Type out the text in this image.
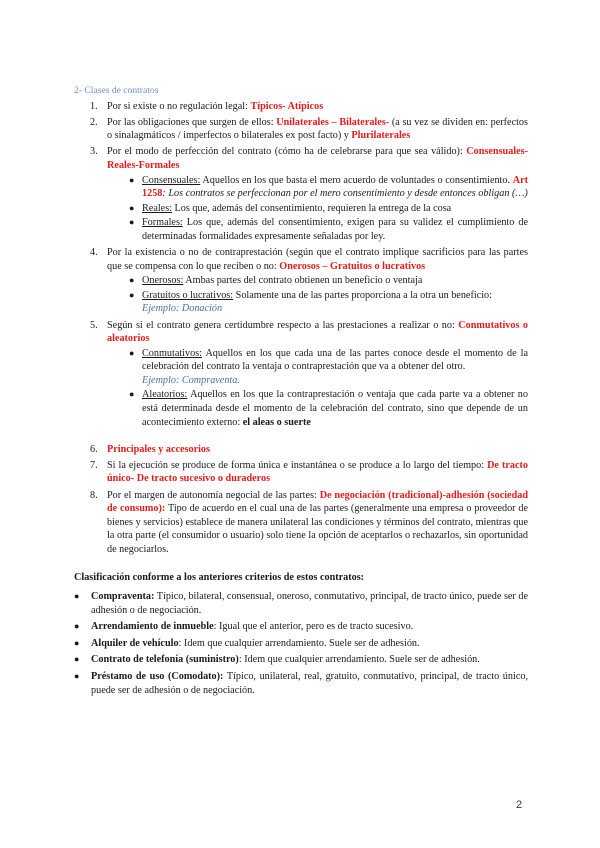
2- Clases de contratos
1. Por si existe o no regulación legal: Típicos- Atípicos
2. Por las obligaciones que surgen de ellos: Unilaterales – Bilaterales- (a su vez se dividen en: perfectos o sinalagmáticos / imperfectos o bilaterales ex post facto) y Plurilaterales
3. Por el modo de perfección del contrato (cómo ha de celebrarse para que sea válido): Consensuales-Reales-Formales
● Consensuales: Aquellos en los que basta el mero acuerdo de voluntades o consentimiento. Art 1258: Los contratos se perfeccionan por el mero consentimiento y desde entonces obligan (…)
● Reales: Los que, además del consentimiento, requieren la entrega de la cosa
● Formales: Los que, además del consentimiento, exigen para su validez el cumplimiento de determinadas formalidades expresamente señaladas por ley.
4. Por la existencia o no de contraprestación (según que el contrato implique sacrificios para las partes que se compensa con lo que reciben o no: Onerosos – Gratuitos o lucrativos
● Onerosos: Ambas partes del contrato obtienen un beneficio o ventaja
● Gratuitos o lucrativos: Solamente una de las partes proporciona a la otra un beneficio:
Ejemplo: Donación
5. Según si el contrato genera certidumbre respecto a las prestaciones a realizar o no: Conmutativos o aleatorios
● Conmutativos: Aquellos en los que cada una de las partes conoce desde el momento de la celebración del contrato la ventaja o contraprestación que va a obtener del otro.
Ejemplo: Compraventa.
● Aleatorios: Aquellos en los que la contraprestación o ventaja que cada parte va a obtener no está determinada desde el momento de la celebración del contrato, sino que depende de un acontecimiento externo: el aleas o suerte
6. Principales y accesorios
7. Si la ejecución se produce de forma única e instantánea o se produce a lo largo del tiempo: De tracto único- De tracto sucesivo o duraderos
8. Por el margen de autonomía negocial de las partes: De negociación (tradicional)-adhesión (sociedad de consumo): Tipo de acuerdo en el cual una de las partes (generalmente una empresa o proveedor de bienes y servicios) establece de manera unilateral las condiciones y términos del contrato, mientras que la otra parte (el consumidor o usuario) solo tiene la opción de aceptarlos o rechazarlos, sin oportunidad de negociarlos.
Clasificación conforme a los anteriores criterios de estos contratos:
● Compraventa: Típico, bilateral, consensual, oneroso, conmutativo, principal, de tracto único, puede ser de adhesión o de negociación.
● Arrendamiento de inmueble: Igual que el anterior, pero es de tracto sucesivo.
● Alquiler de vehículo: Idem que cualquier arrendamiento. Suele ser de adhesión.
● Contrato de telefonía (suministro): Idem que cualquier arrendamiento. Suele ser de adhesión.
● Préstamo de uso (Comodato): Típico, unilateral, real, gratuito, conmutativo, principal, de tracto único, puede ser de adhesión o de negociación.
2
